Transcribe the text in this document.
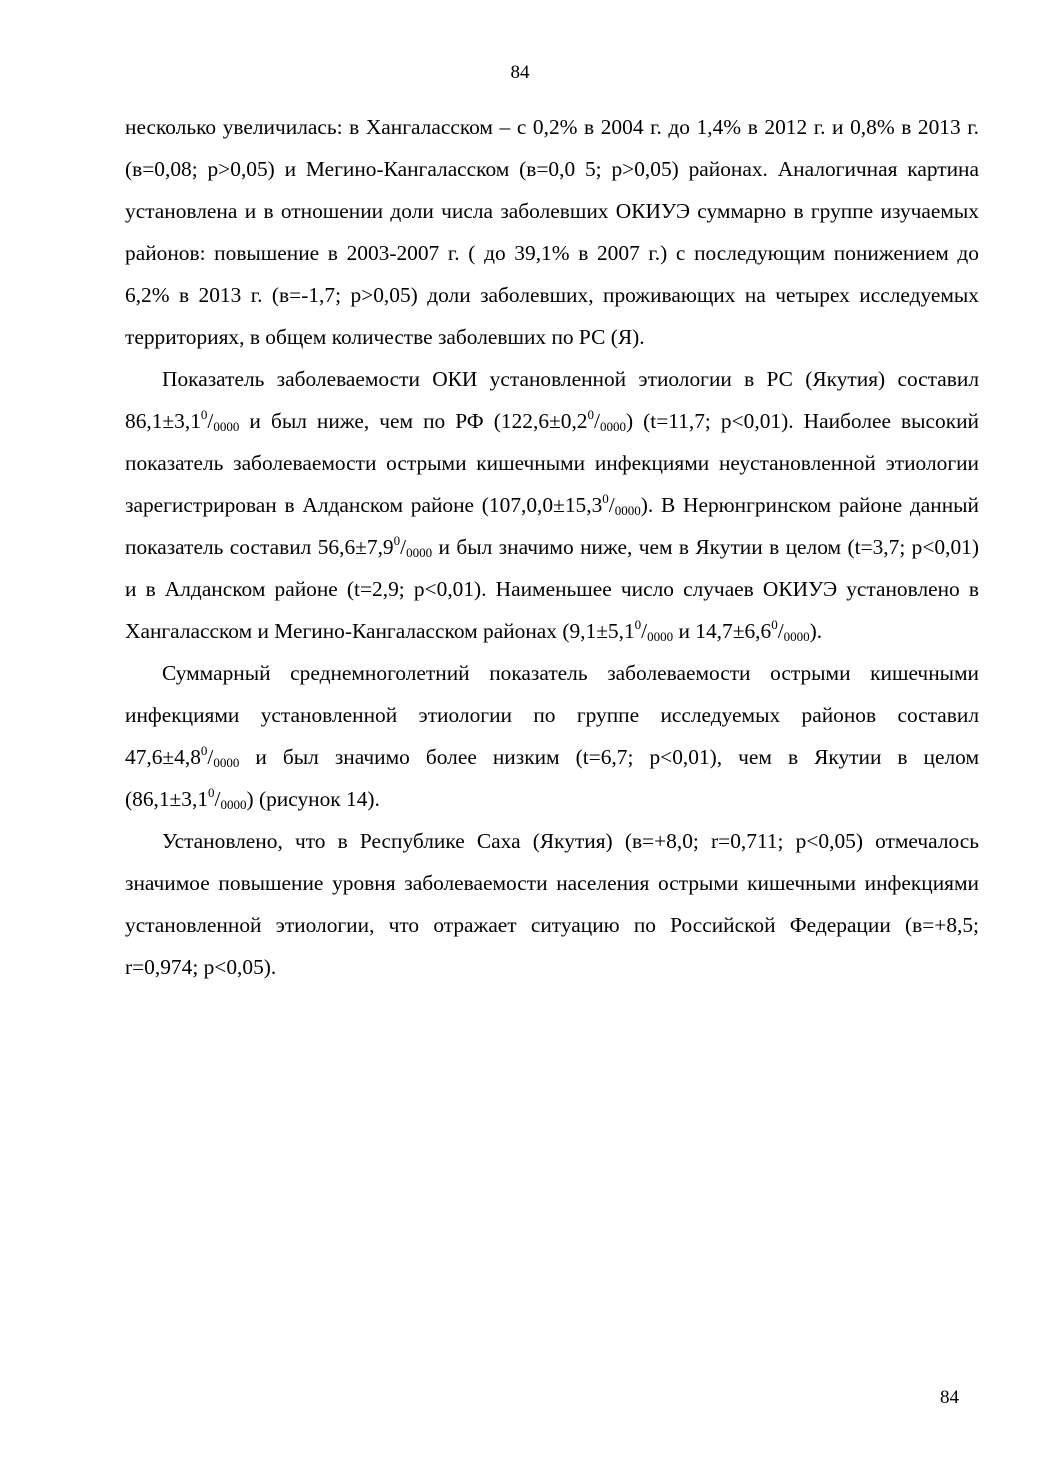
84

несколько увеличилась: в Хангаласском – с 0,2% в 2004 г. до 1,4% в 2012 г. и 0,8% в 2013 г. (в=0,08; р>0,05) и Мегино-Кангаласском (в=0,0 5; р>0,05) районах. Аналогичная картина установлена и в отношении доли числа заболевших ОКИУЭ суммарно в группе изучаемых районов: повышение в 2003-2007 г. ( до 39,1% в 2007 г.) с последующим понижением до 6,2% в 2013 г. (в=-1,7; р>0,05) доли заболевших, проживающих на четырех исследуемых территориях, в общем количестве заболевших по РС (Я).

Показатель заболеваемости ОКИ установленной этиологии в РС (Якутия) составил $86,1\pm 3,1^0/_{0000}$ и был ниже, чем по РФ $(122,6\pm 0,2^0/_{0000})$ (t=11,7; р<0,01). Наиболее высокий показатель заболеваемости острыми кишечными инфекциями неустановленной этиологии зарегистрирован в Алданском районе $(107,0,0\pm 15,3^0/_{0000})$. В Нерюнгринском районе данный показатель составил $56,6\pm 7,9^0/_{0000}$ и был значимо ниже, чем в Якутии в целом (t=3,7; р<0,01) и в Алданском районе (t=2,9; р<0,01). Наименьшее число случаев ОКИУЭ установлено в Хангаласском и Мегино-Кангаласском районах ($9,1\pm 5,1^0/_{0000}$ и $14,7\pm 6,6^0/_{0000}$).

Суммарный среднемноголетний показатель заболеваемости острыми кишечными инфекциями установленной этиологии по группе исследуемых районов составил $47,6\pm 4,8^0/_{0000}$ и был значимо более низким (t=6,7; р<0,01), чем в Якутии в целом $(86,1\pm 3,1^0/_{0000})$ (рисунок 14).

Установлено, что в Республике Саха (Якутия) (в=+8,0; r=0,711; р<0,05) отмечалось значимое повышение уровня заболеваемости населения острыми кишечными инфекциями установленной этиологии, что отражает ситуацию по Российской Федерации (в=+8,5; r=0,974; р<0,05).

84
